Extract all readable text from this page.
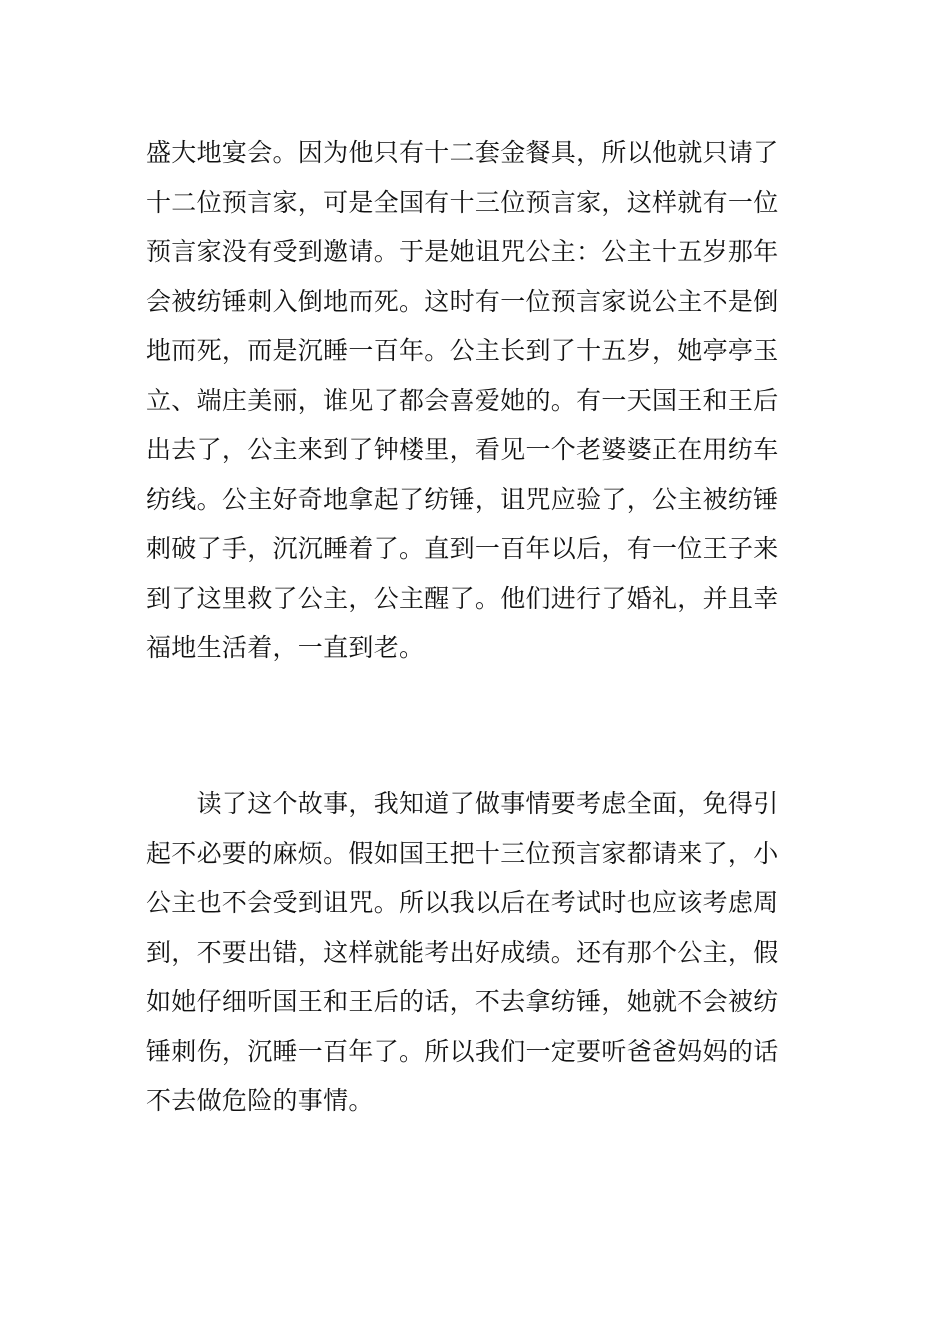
盛大地宴会。因为他只有十二套金餐具，所以他就只请了
十二位预言家，可是全国有十三位预言家，这样就有一位
预言家没有受到邀请。于是她诅咒公主：公主十五岁那年
会被纺锤刺入倒地而死。这时有一位预言家说公主不是倒
地而死，而是沉睡一百年。公主长到了十五岁，她亭亭玉
立、端庄美丽，谁见了都会喜爱她的。有一天国王和王后
出去了，公主来到了钟楼里，看见一个老婆婆正在用纺车
纺线。公主好奇地拿起了纺锤，诅咒应验了，公主被纺锤
刺破了手，沉沉睡着了。直到一百年以后，有一位王子来
到了这里救了公主，公主醒了。他们进行了婚礼，并且幸
福地生活着，一直到老。

　　读了这个故事，我知道了做事情要考虑全面，免得引
起不必要的麻烦。假如国王把十三位预言家都请来了，小
公主也不会受到诅咒。所以我以后在考试时也应该考虑周
到，不要出错，这样就能考出好成绩。还有那个公主，假
如她仔细听国王和王后的话，不去拿纺锤，她就不会被纺
锤刺伤，沉睡一百年了。所以我们一定要听爸爸妈妈的话
不去做危险的事情。
